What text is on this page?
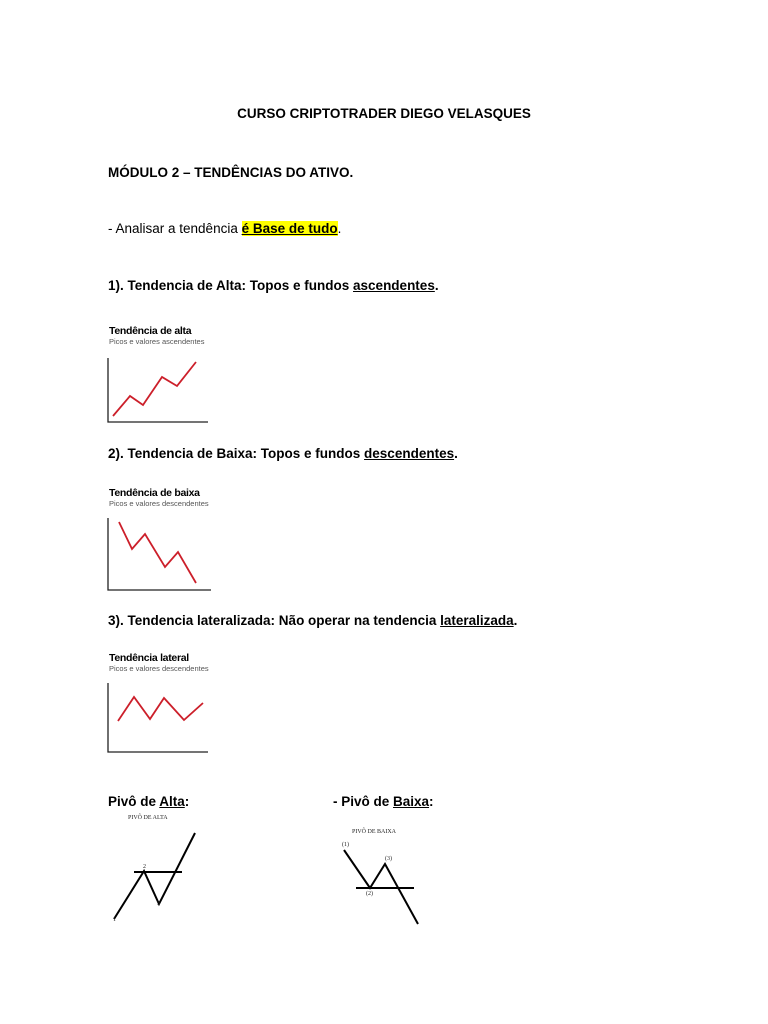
CURSO CRIPTOTRADER DIEGO VELASQUES
MÓDULO 2 – TENDÊNCIAS DO ATIVO.
- Analisar a tendência é Base de tudo.
1). Tendencia de Alta: Topos e fundos ascendentes.
Tendência de alta
Picos e valores ascendentes
2). Tendencia de Baixa: Topos e fundos descendentes.
Tendência de baixa
Picos e valores descendentes
3). Tendencia lateralizada: Não operar na tendencia lateralizada.
Tendência lateral
Picos e valores descendentes
Pivô de Alta:	- Pivô de Baixa:
PIVÔ DE ALTA
1
2
3
PIVÔ DE BAIXA
(1)
(2)
(3)
